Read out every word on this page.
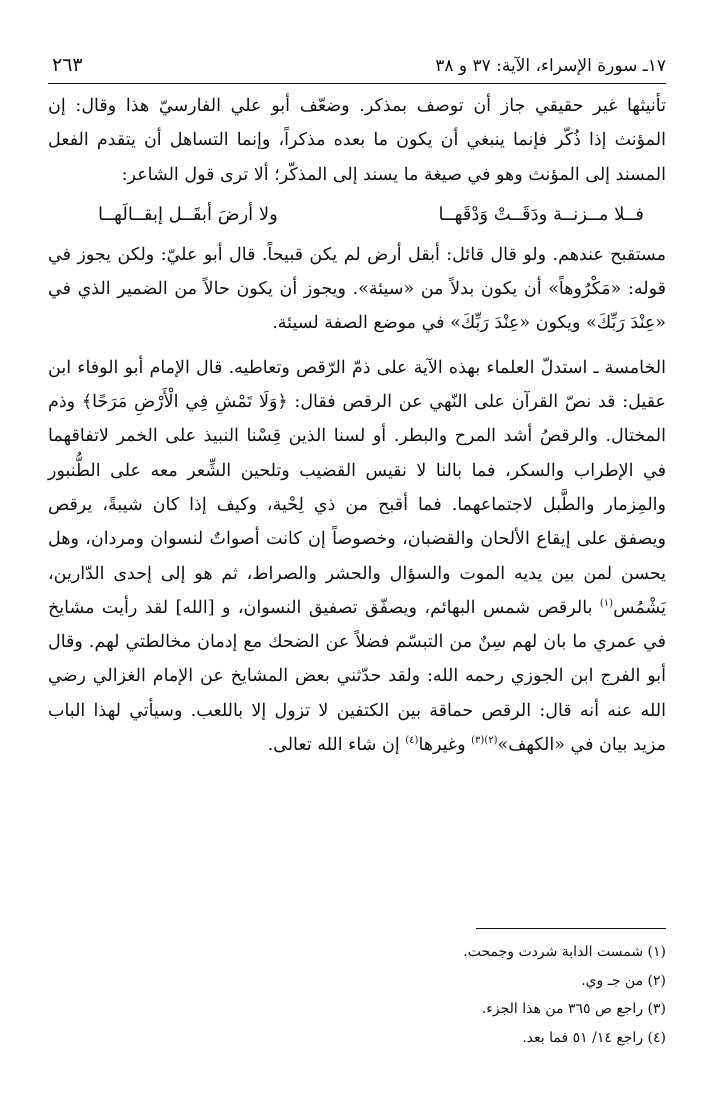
١٧ـ سورة الإسراء، الآية: ٣٧ و ٣٨
٢٦٣

تأنيثها غير حقيقي جاز أن توصف بمذكر. وضعّف أبو علي الفارسيّ هذا وقال: إن المؤنث إذا ذُكّر فإنما ينبغي أن يكون ما بعده مذكراً، وإنما التساهل أن يتقدم الفعل المسند إلى المؤنث وهو في صيغة ما يسند إلى المذكّر؛ ألا ترى قول الشاعر:

فــلا مــزنــة ودَقَــتْ وَدْقَهــا
ولا أرضَ أبقَــل إبقــالَهــا

مستقبح عندهم. ولو قال قائل: أبقل أرض لم يكن قبيحاً. قال أبو عليّ: ولكن يجوز في قوله: «مَكْرُوهاً» أن يكون بدلاً من «سيئة». ويجوز أن يكون حالاً من الضمير الذي في «عِنْدَ رَبِّكَ» ويكون «عِنْدَ رَبِّكَ» في موضع الصفة لسيئة.

الخامسة ـ استدلّ العلماء بهذه الآية على ذمّ الرّقص وتعاطيه. قال الإمام أبو الوفاء ابن عقيل: قد نصّ القرآن على النّهي عن الرقص فقال: ﴿وَلَا تَمْشِ فِي الْأَرْضِ مَرَحًا﴾ وذم المختال. والرقصُ أشد المرح والبطر. أو لسنا الذين قِسْنا النبيذ على الخمر لاتفاقهما في الإطراب والسكر، فما بالنا لا نقيس القضيب وتلحين الشِّعر معه على الطُّنبور والمِزمار والطَّبل لاجتماعهما. فما أقبح من ذي لِحْية، وكيف إذا كان شيبةً، يرقص ويصفق على إيقاع الألحان والقضبان، وخصوصاً إن كانت أصواتٌ لنسوان ومردان، وهل يحسن لمن بين يديه الموت والسؤال والحشر والصراط، ثم هو إلى إحدى الدّارين، يَشْمُس$^{(١)}$ بالرقص شمس البهائم، ويصفّق تصفيق النسوان، و [الله] لقد رأيت مشايخ في عمري ما بان لهم سِنٌ من التبسّم فضلاً عن الضحك مع إدمان مخالطتي لهم. وقال أبو الفرج ابن الجوزي رحمه الله: ولقد حدّثني بعض المشايخ عن الإمام الغزالي رضي الله عنه أنه قال: الرقص حماقة بين الكتفين لا تزول إلا باللعب. وسيأتي لهذا الباب مزيد بيان في «الكهف»$^{(٢)(٣)}$ وغيرها$^{(٤)}$ إن شاء الله تعالى.

(١) شمست الدابة شردت وجمحت.
(٢) من جـ وي.
(٣) راجع ص ٣٦٥ من هذا الجزء.
(٤) راجع ١٤/ ٥١ فما بعد.
